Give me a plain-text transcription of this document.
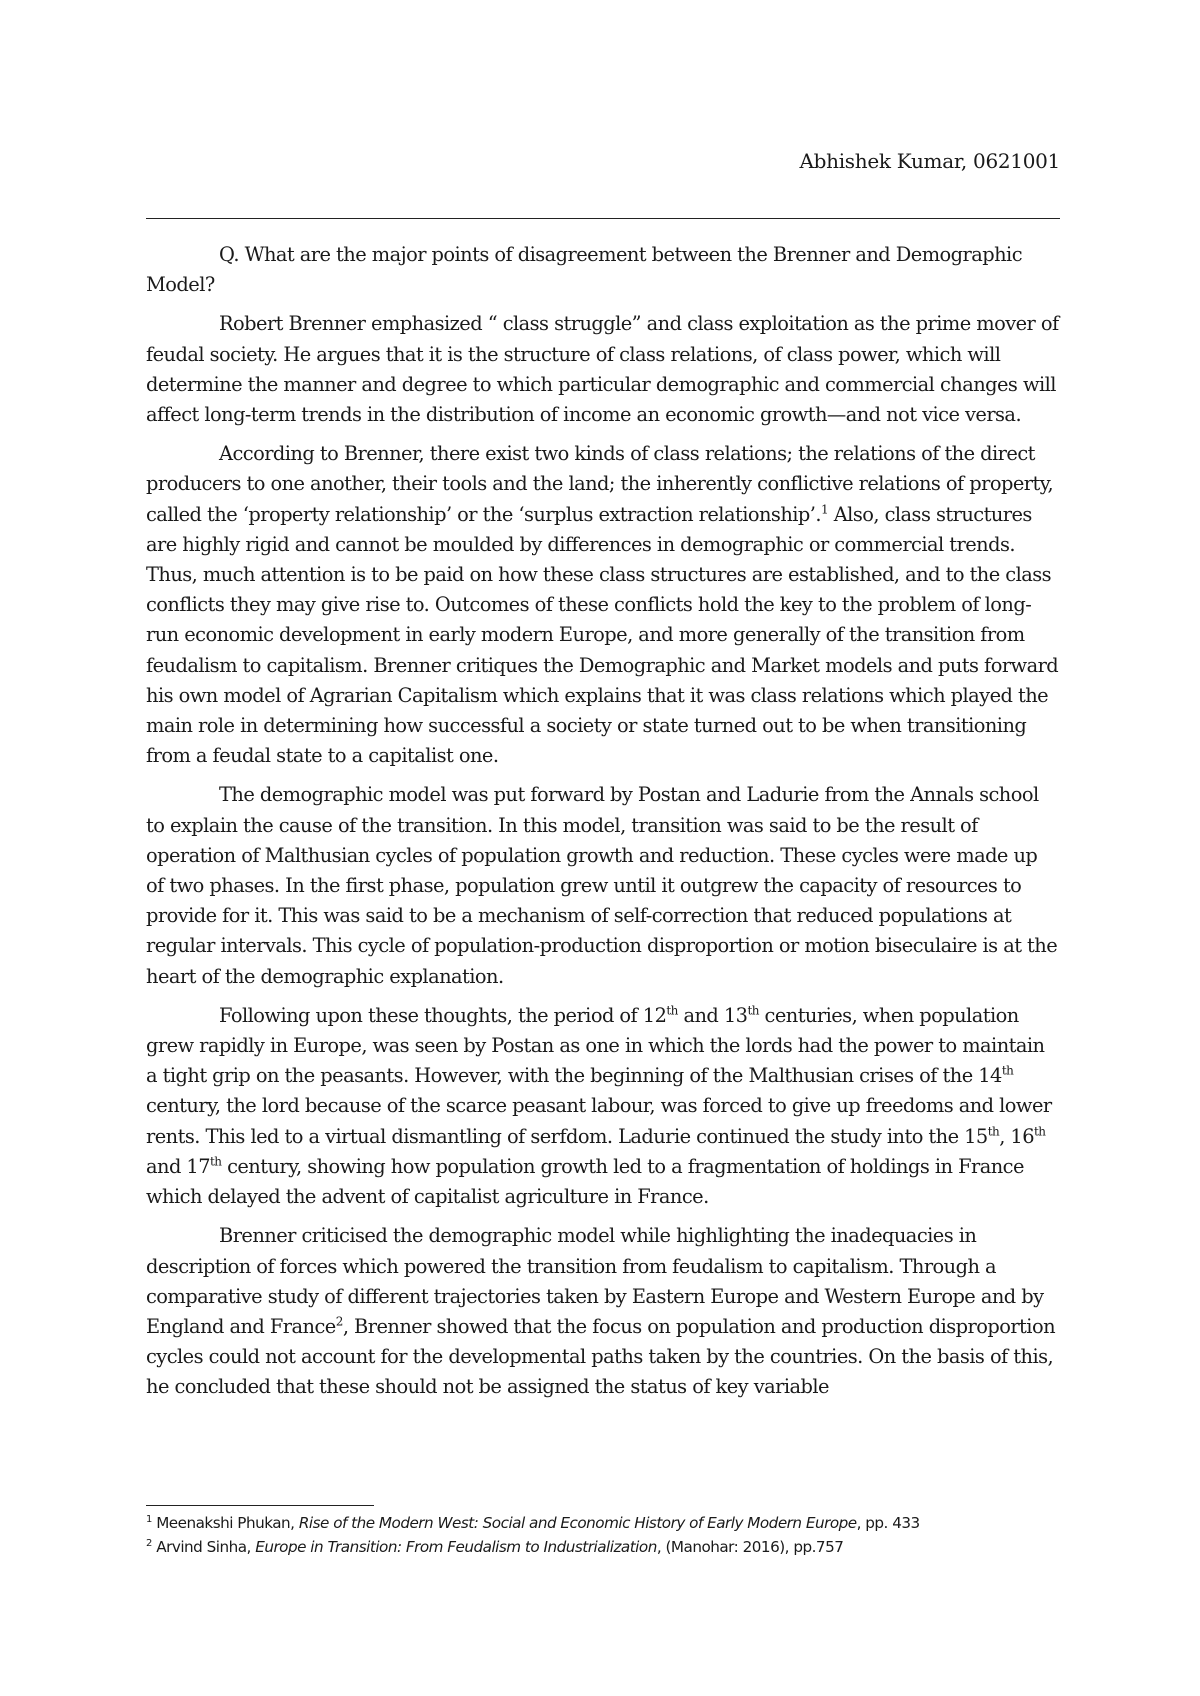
Abhishek Kumar, 0621001

Q. What are the major points of disagreement between the Brenner and Demographic Model?

Robert Brenner emphasized “ class struggle” and class exploitation as the prime mover of feudal society. He argues that it is the structure of class relations, of class power, which will determine the manner and degree to which particular demographic and commercial changes will affect long-term trends in the distribution of income an economic growth—and not vice versa.

According to Brenner, there exist two kinds of class relations; the relations of the direct producers to one another, their tools and the land; the inherently conflictive relations of property, called the ‘property relationship’ or the ‘surplus extraction relationship’.$^1$ Also, class structures are highly rigid and cannot be moulded by differences in demographic or commercial trends. Thus, much attention is to be paid on how these class structures are established, and to the class conflicts they may give rise to. Outcomes of these conflicts hold the key to the problem of long-run economic development in early modern Europe, and more generally of the transition from feudalism to capitalism. Brenner critiques the Demographic and Market models and puts forward his own model of Agrarian Capitalism which explains that it was class relations which played the main role in determining how successful a society or state turned out to be when transitioning from a feudal state to a capitalist one.

The demographic model was put forward by Postan and Ladurie from the Annals school to explain the cause of the transition. In this model, transition was said to be the result of operation of Malthusian cycles of population growth and reduction. These cycles were made up of two phases. In the first phase, population grew until it outgrew the capacity of resources to provide for it. This was said to be a mechanism of self-correction that reduced populations at regular intervals. This cycle of population-production disproportion or motion biseculaire is at the heart of the demographic explanation.

Following upon these thoughts, the period of 12th and 13th centuries, when population grew rapidly in Europe, was seen by Postan as one in which the lords had the power to maintain a tight grip on the peasants. However, with the beginning of the Malthusian crises of the 14th century, the lord because of the scarce peasant labour, was forced to give up freedoms and lower rents. This led to a virtual dismantling of serfdom. Ladurie continued the study into the 15th, 16th and 17th century, showing how population growth led to a fragmentation of holdings in France which delayed the advent of capitalist agriculture in France.

Brenner criticised the demographic model while highlighting the inadequacies in description of forces which powered the transition from feudalism to capitalism. Through a comparative study of different trajectories taken by Eastern Europe and Western Europe and by England and France$^2$, Brenner showed that the focus on population and production disproportion cycles could not account for the developmental paths taken by the countries. On the basis of this, he concluded that these should not be assigned the status of key variable

$^1$ Meenakshi Phukan, Rise of the Modern West: Social and Economic History of Early Modern Europe, pp. 433

$^2$ Arvind Sinha, Europe in Transition: From Feudalism to Industrialization, (Manohar: 2016), pp.757
